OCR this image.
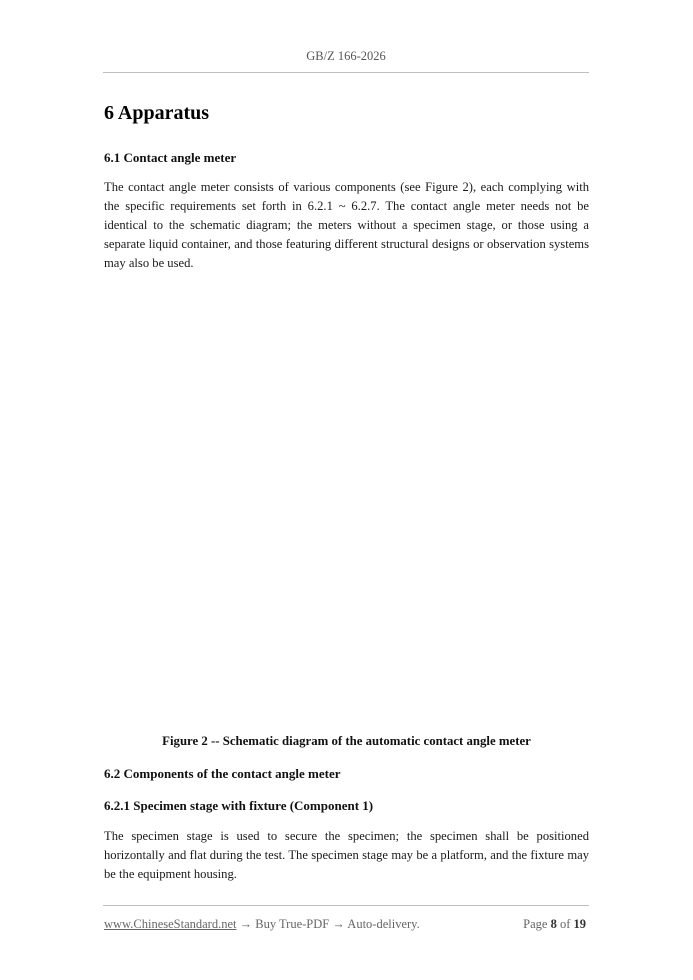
GB/Z 166-2026
6 Apparatus
6.1 Contact angle meter

The contact angle meter consists of various components (see Figure 2), each complying with the specific requirements set forth in 6.2.1 ~ 6.2.7. The contact angle meter needs not be identical to the schematic diagram; the meters without a specimen stage, or those using a separate liquid container, and those featuring different structural designs or observation systems may also be used.

Figure 2 -- Schematic diagram of the automatic contact angle meter

6.2 Components of the contact angle meter
6.2.1 Specimen stage with fixture (Component 1)

The specimen stage is used to secure the specimen; the specimen shall be positioned horizontally and flat during the test. The specimen stage may be a platform, and the fixture may be the equipment housing.

www.ChineseStandard.net → Buy True-PDF → Auto-delivery.	Page 8 of 19
